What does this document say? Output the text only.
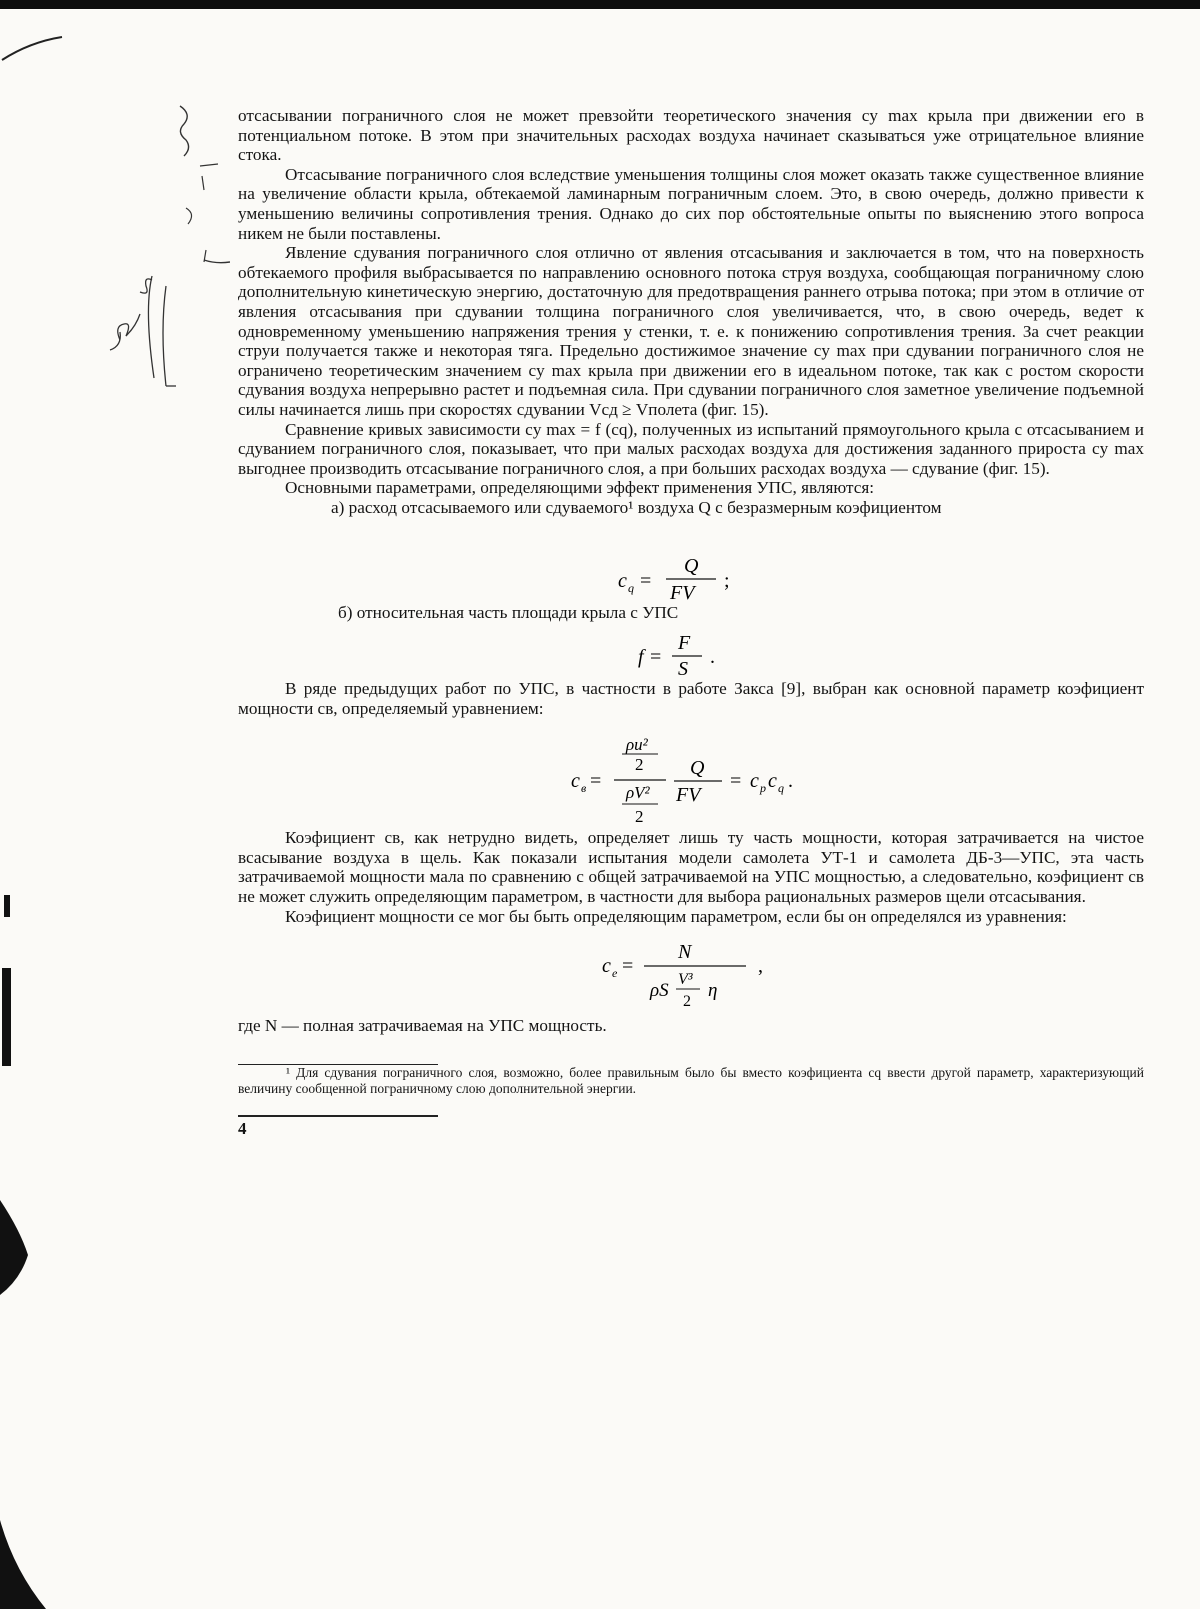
отсасывании пограничного слоя не может превзойти теоретического значения cy max крыла при движении его в потенциальном потоке. В этом при значительных расходах воздуха начинает сказываться уже отрицательное влияние стока.

Отсасывание пограничного слоя вследствие уменьшения толщины слоя может оказать также существенное влияние на увеличение области крыла, обтекаемой ламинарным пограничным слоем. Это, в свою очередь, должно привести к уменьшению величины сопротивления трения. Однако до сих пор обстоятельные опыты по выяснению этого вопроса никем не были поставлены.

Явление сдувания пограничного слоя отлично от явления отсасывания и заключается в том, что на поверхность обтекаемого профиля выбрасывается по направлению основного потока струя воздуха, сообщающая пограничному слою дополнительную кинетическую энергию, достаточную для предотвращения раннего отрыва потока; при этом в отличие от явления отсасывания при сдувании толщина пограничного слоя увеличивается, что, в свою очередь, ведет к одновременному уменьшению напряжения трения у стенки, т. е. к понижению сопротивления трения. За счет реакции струи получается также и некоторая тяга. Предельно достижимое значение cy max при сдувании пограничного слоя не ограничено теоретическим значением cy max крыла при движении его в идеальном потоке, так как с ростом скорости сдувания воздуха непрерывно растет и подъемная сила. При сдувании пограничного слоя заметное увеличение подъемной силы начинается лишь при скоростях сдувании Vсд ≥ Vполета (фиг. 15).

Сравнение кривых зависимости cy max = f (cq), полученных из испытаний прямоугольного крыла с отсасыванием и сдуванием пограничного слоя, показывает, что при малых расходах воздуха для достижения заданного прироста cy max выгоднее производить отсасывание пограничного слоя, а при больших расходах воздуха — сдувание (фиг. 15).

Основными параметрами, определяющими эффект применения УПС, являются:

а) расход отсасываемого или сдуваемого¹ воздуха Q с безразмерным коэфициентом

c q =
Q
FV
;

б) относительная часть площади крыла с УПС

f =
F
S
.

В ряде предыдущих работ по УПС, в частности в работе Закса [9], выбран как основной параметр коэфициент мощности cв, определяемый уравнением:

c в =
ρu²
2
ρV²
2
Q
FV
= c p c q .

Коэфициент cв, как нетрудно видеть, определяет лишь ту часть мощности, которая затрачивается на чистое всасывание воздуха в щель. Как показали испытания модели самолета УТ-1 и самолета ДБ-3—УПС, эта часть затрачиваемой мощности мала по сравнению с общей затрачиваемой на УПС мощностью, а следовательно, коэфициент cв не может служить определяющим параметром, в частности для выбора рациональных размеров щели отсасывания.

Коэфициент мощности cе мог бы быть определяющим параметром, если бы он определялся из уравнения:

c е =
N
ρS
V³
2
η
,

где N — полная затрачиваемая на УПС мощность.

¹ Для сдувания пограничного слоя, возможно, более правильным было бы вместо коэфициента cq ввести другой параметр, характеризующий величину сообщенной пограничному слою дополнительной энергии.

4
